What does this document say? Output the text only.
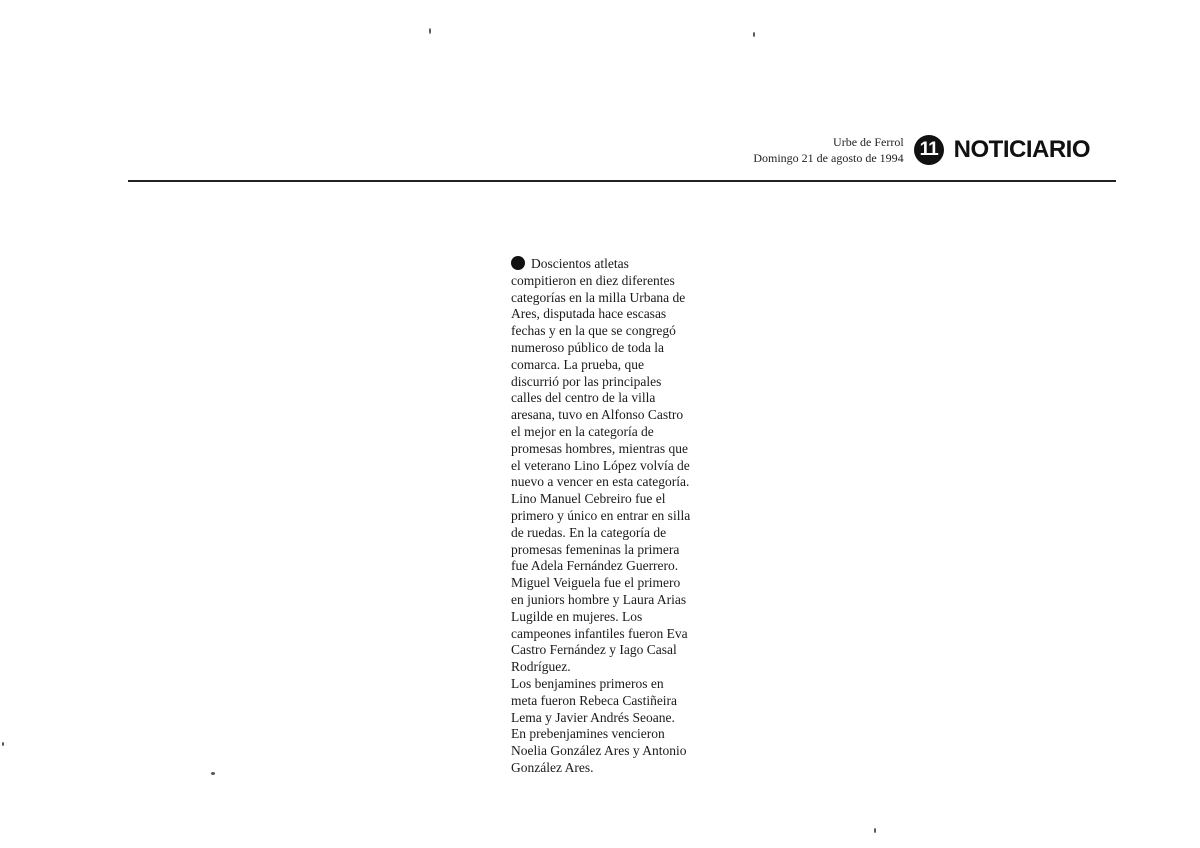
Urbe de Ferrol
Domingo 21 de agosto de 1994 11 NOTICIARIO
Doscientos atletas
compitieron en diez diferentes
categorías en la milla Urbana de
Ares, disputada hace escasas
fechas y en la que se congregó
numeroso público de toda la
comarca. La prueba, que
discurrió por las principales
calles del centro de la villa
aresana, tuvo en Alfonso Castro
el mejor en la categoría de
promesas hombres, mientras que
el veterano Lino López volvía de
nuevo a vencer en esta categoría.
Lino Manuel Cebreiro fue el
primero y único en entrar en silla
de ruedas. En la categoría de
promesas femeninas la primera
fue Adela Fernández Guerrero.
Miguel Veiguela fue el primero
en juniors hombre y Laura Arias
Lugilde en mujeres. Los
campeones infantiles fueron Eva
Castro Fernández y Iago Casal
Rodríguez.
Los benjamines primeros en
meta fueron Rebeca Castiñeira
Lema y Javier Andrés Seoane.
En prebenjamines vencieron
Noelia González Ares y Antonio
González Ares.
